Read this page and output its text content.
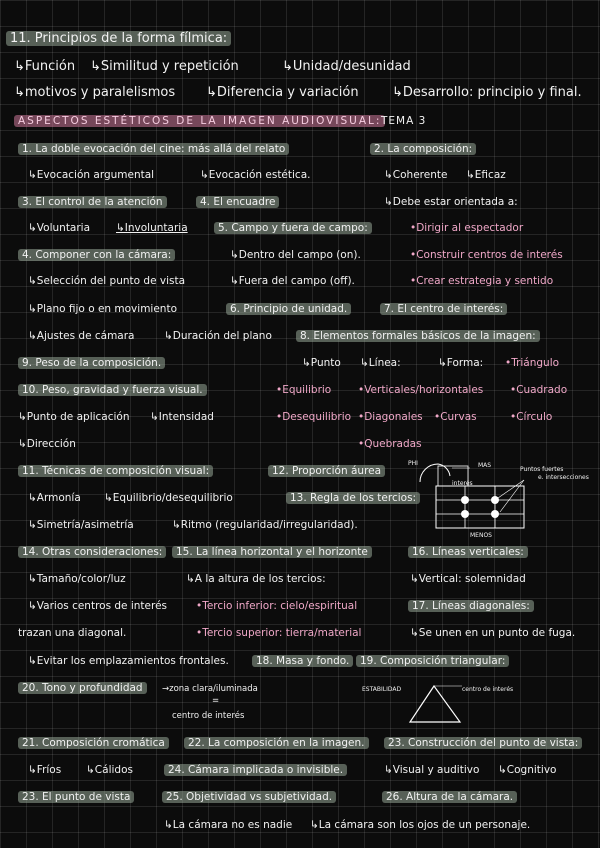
11. Principios de la forma fílmica:
↳Función ↳Similitud y repetición	↳Unidad/desunidad
↳motivos y paralelismos ↳Diferencia y variación	↳Desarrollo: principio y final.
ASPECTOS ESTÉTICOS DE LA IMAGEN AUDIOVISUAL: TEMA 3
1. La doble evocación del cine: más allá del relato	2. La composición:
↳Evocación argumental	↳Evocación estética.	↳Coherente ↳Eficaz
3. El control de la atención	4. El encuadre	↳Debe estar orientada a:
↳Voluntaria ↳Involuntaria	5. Campo y fuera de campo:	•Dirigir al espectador
4. Componer con la cámara:	↳Dentro del campo (on).	•Construir centros de interés
↳Selección del punto de vista	↳Fuera del campo (off).	•Crear estrategia y sentido
↳Plano fijo o en movimiento	6. Principio de unidad.	7. El centro de interés:
↳Ajustes de cámara	↳Duración del plano	8. Elementos formales básicos de la imagen:
9. Peso de la composición.	↳Punto ↳Línea:	↳Forma: •Triángulo
10. Peso, gravidad y fuerza visual.	•Equilibrio	•Verticales/horizontales	•Cuadrado
↳Punto de aplicación ↳Intensidad	•Desequilibrio •Diagonales •Curvas	•Círculo
↳Dirección	•Quebradas
11. Técnicas de composición visual:	12. Proporción áurea
↳Armonía ↳Equilibrio/desequilibrio	13. Regla de los tercios:
↳Simetría/asimetría	↳Ritmo (regularidad/irregularidad).
PHI	MAS
Puntos fuertes
e. intersecciones
interés
MENOS
14. Otras consideraciones:	15. La línea horizontal y el horizonte	16. Líneas verticales:
↳Tamaño/color/luz	↳A la altura de los tercios:	↳Vertical: solemnidad
↳Varios centros de interés	•Tercio inferior: cielo/espiritual	17. Líneas diagonales:
trazan una diagonal.	•Tercio superior: tierra/material	↳Se unen en un punto de fuga.
↳Evitar los emplazamientos frontales.	18. Masa y fondo.	19. Composición triangular:
20. Tono y profundidad	→zona clara/iluminada
=
centro de interés
ESTABILIDAD	centro de interés
21. Composición cromática	22. La composición en la imagen.	23. Construcción del punto de vista:
↳Fríos ↳Cálidos	24. Cámara implicada o invisible.	↳Visual y auditivo ↳Cognitivo
23. El punto de vista	25. Objetividad vs subjetividad.	26. Altura de la cámara.
↳La cámara no es nadie ↳La cámara son los ojos de un personaje.
